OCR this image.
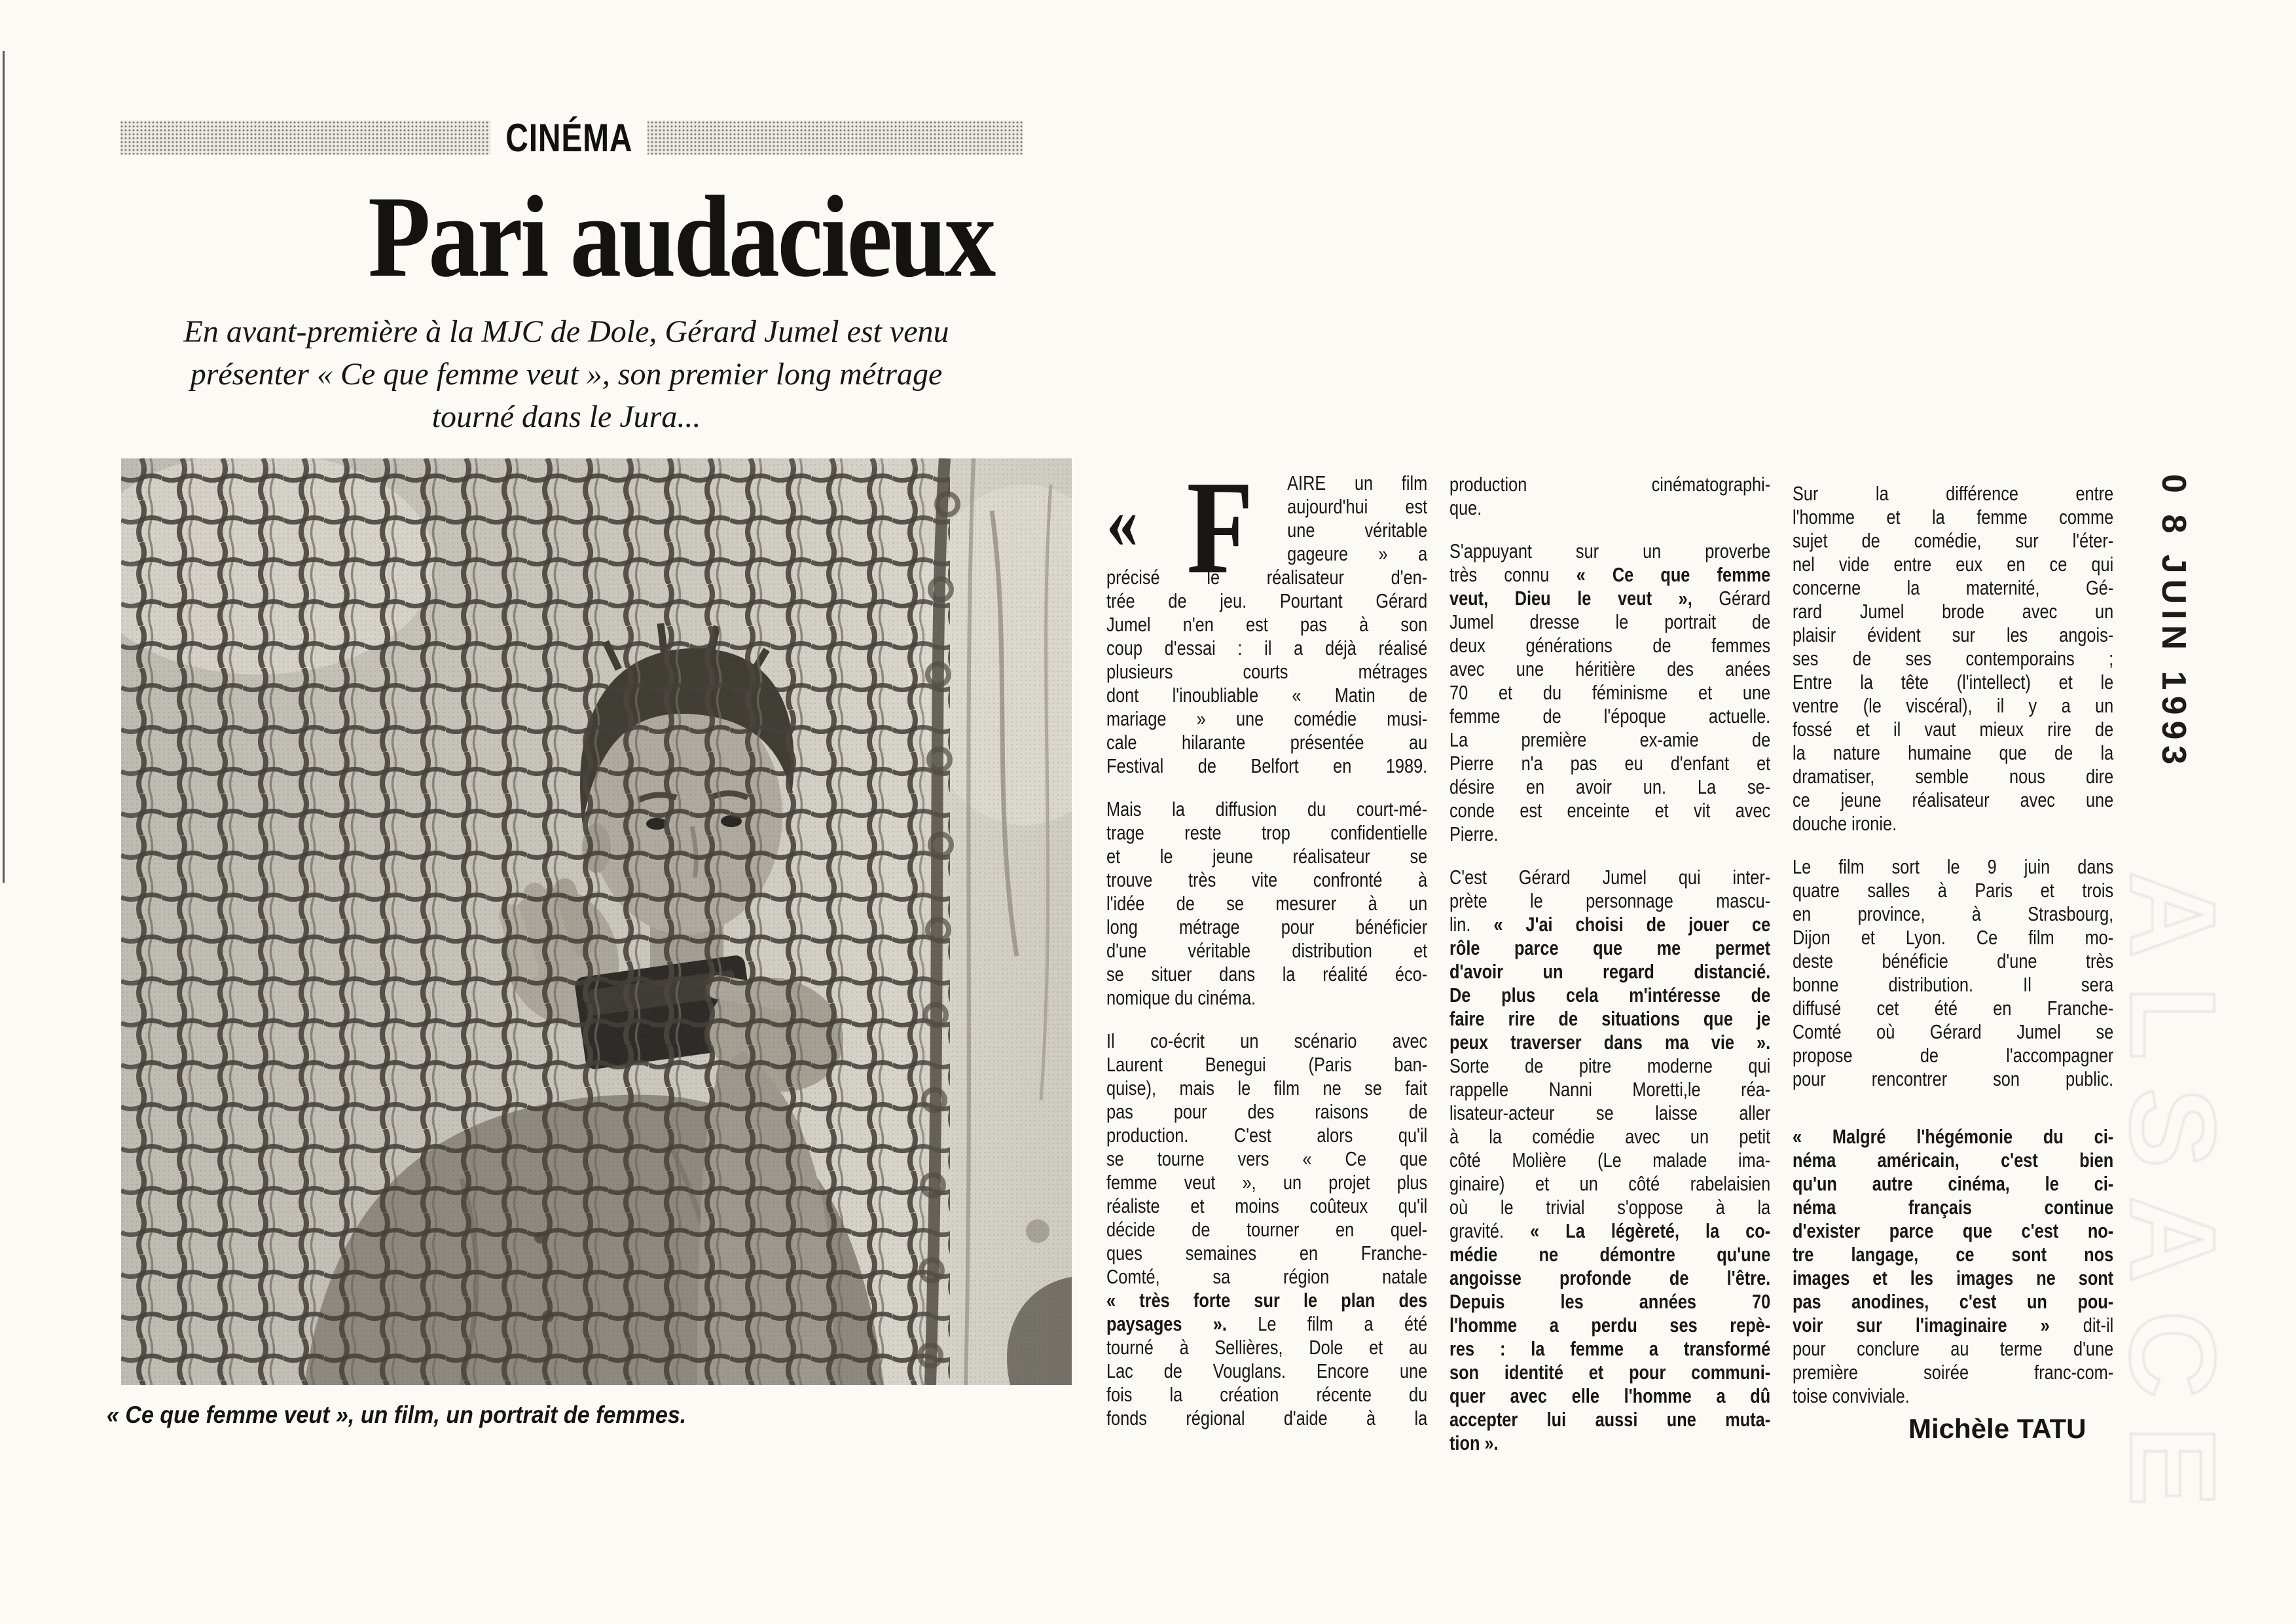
CINÉMA
Pari audacieux
En avant-première à la MJC de Dole, Gérard Jumel est venu
présenter « Ce que femme veut », son premier long métrage
tourné dans le Jura...
« Ce que femme veut », un film, un portrait de femmes.
« F	AIRE un film
aujourd'hui est
une véritable
gageure » a
précisé le réalisateur d'en-
trée de jeu. Pourtant Gérard
Jumel n'en est pas à son
coup d'essai : il a déjà réalisé
plusieurs courts métrages
dont l'inoubliable « Matin de
mariage » une comédie musi-
cale hilarante présentée au
Festival de Belfort en 1989.
Mais la diffusion du court-mé-
trage reste trop confidentielle
et le jeune réalisateur se
trouve très vite confronté à
l'idée de se mesurer à un
long métrage pour bénéficier
d'une véritable distribution et
se situer dans la réalité éco-
nomique du cinéma.
Il co-écrit un scénario avec
Laurent Benegui (Paris ban-
quise), mais le film ne se fait
pas pour des raisons de
production. C'est alors qu'il
se tourne vers « Ce que
femme veut », un projet plus
réaliste et moins coûteux qu'il
décide de tourner en quel-
ques semaines en Franche-
Comté, sa région natale
« très forte sur le plan des
paysages ». Le film a été
tourné à Sellières, Dole et au
Lac de Vouglans. Encore une
fois la création récente du
fonds régional d'aide à la
production cinématographi-
que.
S'appuyant sur un proverbe
très connu « Ce que femme
veut, Dieu le veut », Gérard
Jumel dresse le portrait de
deux générations de femmes
avec une héritière des anées
70 et du féminisme et une
femme de l'époque actuelle.
La première ex-amie de
Pierre n'a pas eu d'enfant et
désire en avoir un. La se-
conde est enceinte et vit avec
Pierre.
C'est Gérard Jumel qui inter-
prète le personnage mascu-
lin. « J'ai choisi de jouer ce
rôle parce que me permet
d'avoir un regard distancié.
De plus cela m'intéresse de
faire rire de situations que je
peux traverser dans ma vie ».
Sorte de pitre moderne qui
rappelle Nanni Moretti,le réa-
lisateur-acteur se laisse aller
à la comédie avec un petit
côté Molière (Le malade ima-
ginaire) et un côté rabelaisien
où le trivial s'oppose à la
gravité. « La légèreté, la co-
médie ne démontre qu'une
angoisse profonde de l'être.
Depuis les années 70
l'homme a perdu ses repè-
res : la femme a transformé
son identité et pour communi-
quer avec elle l'homme a dû
accepter lui aussi une muta-
tion ».
Sur la différence entre
l'homme et la femme comme
sujet de comédie, sur l'éter-
nel vide entre eux en ce qui
concerne la maternité, Gé-
rard Jumel brode avec un
plaisir évident sur les angois-
ses de ses contemporains ;
Entre la tête (l'intellect) et le
ventre (le viscéral), il y a un
fossé et il vaut mieux rire de
la nature humaine que de la
dramatiser, semble nous dire
ce jeune réalisateur avec une
douche ironie.
Le film sort le 9 juin dans
quatre salles à Paris et trois
en province, à Strasbourg,
Dijon et Lyon. Ce film mo-
deste bénéficie d'une très
bonne distribution. Il sera
diffusé cet été en Franche-
Comté où Gérard Jumel se
propose de l'accompagner
pour rencontrer son public.
« Malgré l'hégémonie du ci-
néma américain, c'est bien
qu'un autre cinéma, le ci-
néma français continue
d'exister parce que c'est no-
tre langage, ce sont nos
images et les images ne sont
pas anodines, c'est un pou-
voir sur l'imaginaire » dit-il
pour conclure au terme d'une
première soirée franc-com-
toise conviviale.
Michèle TATU
0 8 JUIN 1993
ALSACE
